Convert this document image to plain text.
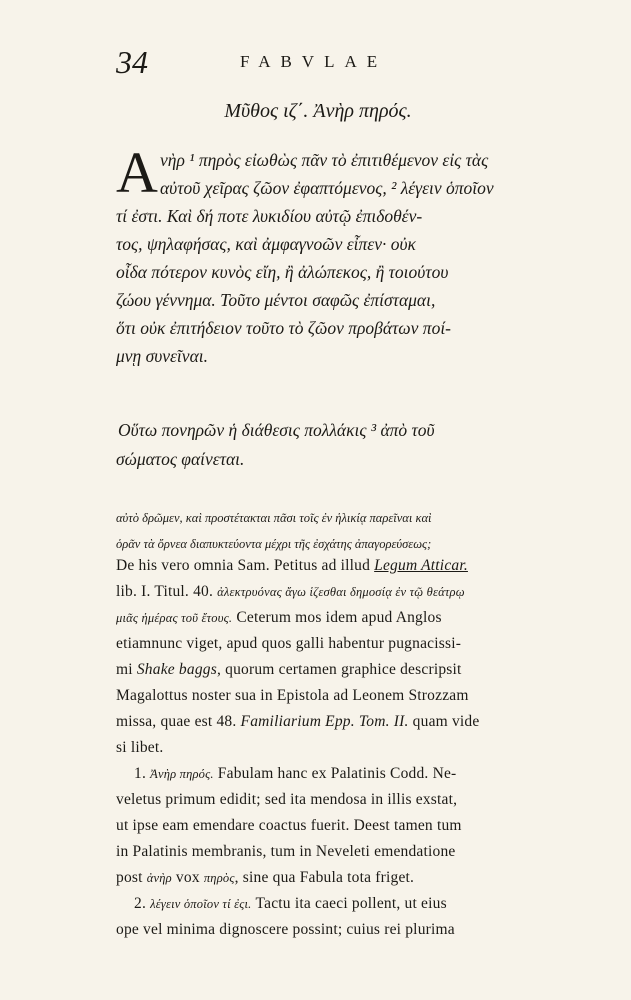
34	FABVLAE
Μῦθος ιζ΄. Ἀνὴρ πηρός.
A νὴρ ¹ πηρὸς εἰωθὼς πᾶν τὸ ἐπιτιθέμενον εἰς τὰς
αὐτοῦ χεῖρας ζῶον ἐφαπτόμενος, ² λέγειν ὁποῖον
τί ἐστι. Καὶ δή ποτε λυκιδίου αὐτῷ ἐπιδοθέν-
τος, ψηλαφήσας, καὶ ἀμφαγνοῶν εἶπεν· οὐκ
οἶδα πότερον κυνὸς εἴη, ἢ ἀλώπεκος, ἢ τοιούτου
ζώου γέννημα. Τοῦτο μέντοι σαφῶς ἐπίσταμαι,
ὅτι οὐκ ἐπιτήδειον τοῦτο τὸ ζῶον προβάτων ποί-
μνῃ συνεῖναι.
Οὕτω πονηρῶν ἡ διάθεσις πολλάκις ³ ἀπὸ τοῦ
σώματος φαίνεται.
αὐτὸ δρῶμεν, καὶ προστέτακται πᾶσι τοῖς ἐν ἡλικίᾳ παρεῖναι καὶ
ὁρᾶν τὰ ὄρνεα διαπυκτεύοντα μέχρι τῆς ἐσχάτης ἀπαγορεύσεως;
De his vero omnia Sam. Petitus ad illud Legum Atticar.
lib. I. Titul. 40. ἀλεκτρυόνας ἄγω ἱζεσθαι δημοσίᾳ ἐν τῷ θεάτρῳ
μιᾶς ἡμέρας τοῦ ἔτους. Ceterum mos idem apud Anglos
etiamnunc viget, apud quos galli habentur pugnacissi-
mi Shake baggs, quorum certamen graphice descripsit
Magalottus noster sua in Epistola ad Leonem Strozzam
missa, quae est 48. Familiarium Epp. Tom. II. quam vide
si libet.
1. Ἀνὴρ πηρός. Fabulam hanc ex Palatinis Codd. Ne-
veletus primum edidit; sed ita mendosa in illis exstat,
ut ipse eam emendare coactus fuerit. Deest tamen tum
in Palatinis membranis, tum in Neveleti emendatione
post ἀνὴρ vox πηρὸς, sine qua Fabula tota friget.
2. λέγειν ὁποῖον τί ἐςι. Tactu ita caeci pollent, ut eius
ope vel minima dignoscere possint; cuius rei plurima
